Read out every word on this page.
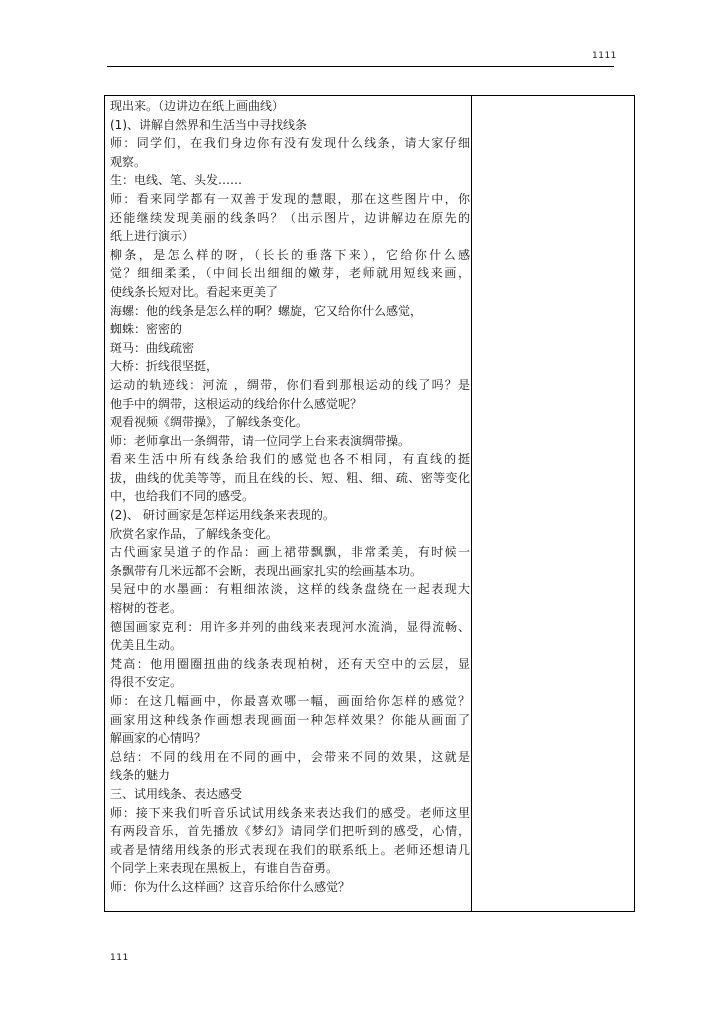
1111
现出来。（边讲边在纸上画曲线）
(1)、讲解自然界和生活当中寻找线条
师：同学们，在我们身边你有没有发现什么线条，请大家仔细
观察。
生：电线、笔、头发……
师：看来同学都有一双善于发现的慧眼，那在这些图片中，你
还能继续发现美丽的线条吗？（出示图片，边讲解边在原先的
纸上进行演示）
柳条，是怎么样的呀，（长长的垂落下来），它给你什么感
觉？细细柔柔，（中间长出细细的嫩芽，老师就用短线来画，
使线条长短对比。看起来更美了
海螺：他的线条是怎么样的啊？螺旋，它又给你什么感觉，
蜘蛛：密密的
斑马：曲线疏密
大桥：折线很坚挺，
运动的轨迹线：河流 ，绸带，你们看到那根运动的线了吗？是
他手中的绸带，这根运动的线给你什么感觉呢？
观看视频《绸带操》，了解线条变化。
师：老师拿出一条绸带，请一位同学上台来表演绸带操。
看来生活中所有线条给我们的感觉也各不相同，有直线的挺
拔，曲线的优美等等，而且在线的长、短、粗、细、疏、密等变化
中，也给我们不同的感受。
(2)、 研讨画家是怎样运用线条来表现的。
欣赏名家作品，了解线条变化。
古代画家吴道子的作品：画上裙带飘飘，非常柔美，有时候一
条飘带有几米远都不会断，表现出画家扎实的绘画基本功。
吴冠中的水墨画：有粗细浓淡，这样的线条盘绕在一起表现大
榕树的苍老。
德国画家克利：用许多并列的曲线来表现河水流淌，显得流畅、
优美且生动。
梵高：他用圈圈扭曲的线条表现柏树，还有天空中的云层，显
得很不安定。
师：在这几幅画中，你最喜欢哪一幅，画面给你怎样的感觉？
画家用这种线条作画想表现画面一种怎样效果？你能从画面了
解画家的心情吗？
总结：不同的线用在不同的画中，会带来不同的效果，这就是
线条的魅力
三、试用线条、表达感受
师：接下来我们听音乐试试用线条来表达我们的感受。老师这里
有两段音乐，首先播放《梦幻》请同学们把听到的感受，心情，
或者是情绪用线条的形式表现在我们的联系纸上。老师还想请几
个同学上来表现在黑板上，有谁自告奋勇。
师：你为什么这样画？这音乐给你什么感觉？
111
